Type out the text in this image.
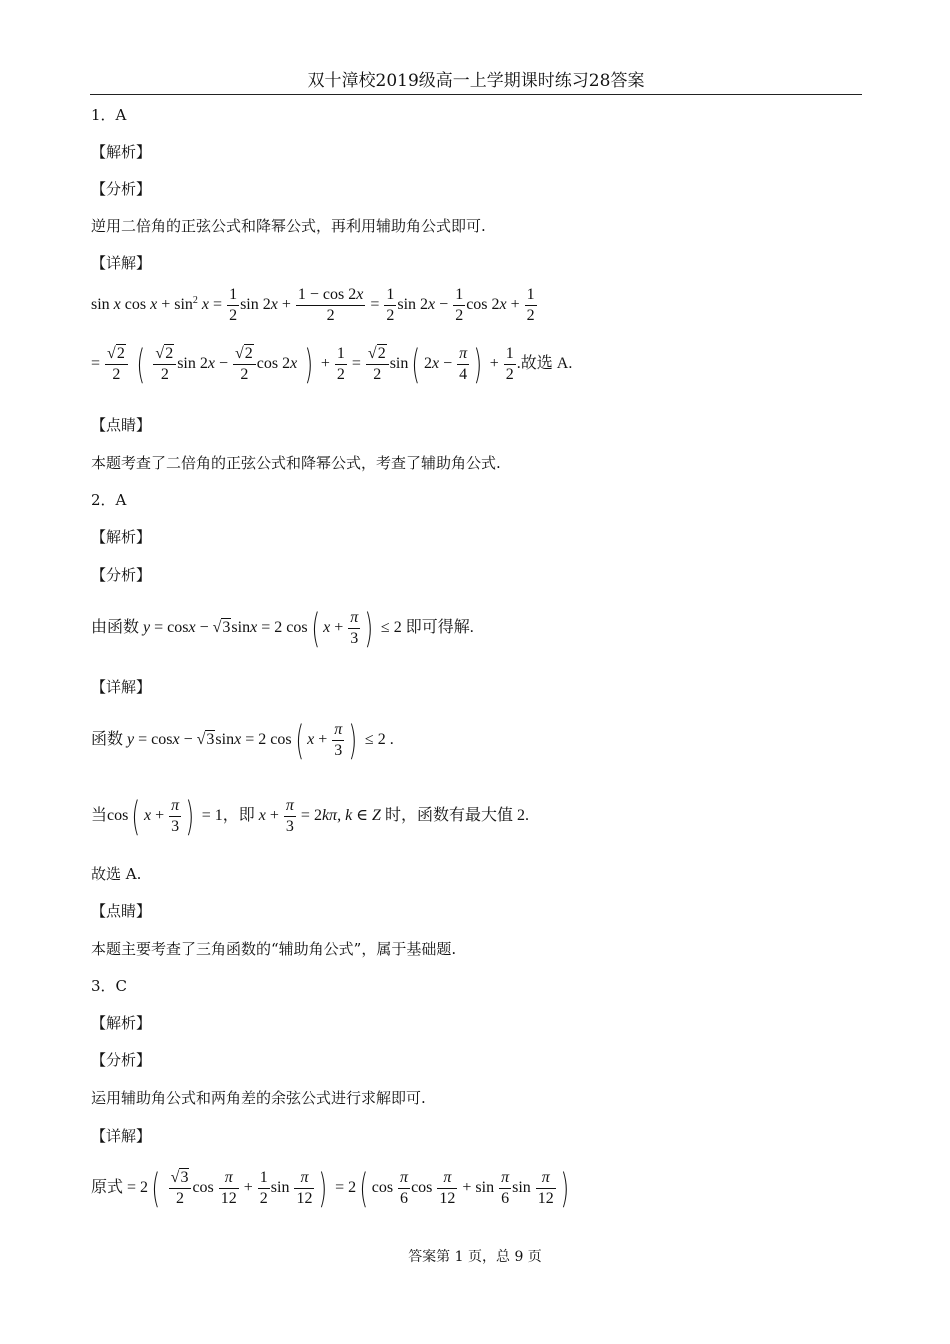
双十漳校2019级高一上学期课时练习28答案
1．A
【解析】
【分析】
逆用二倍角的正弦公式和降幂公式，再利用辅助角公式即可.
【详解】
sin x $\cos x + \sin^2 x = \frac{1}{2}$ $\sin 2x + \frac{1 - \cos 2x}{2} = \frac{1}{2}$ $\sin 2x - \frac{1}{2}$ $\cos 2x + \frac{1}{2}$
= $\frac{√2}{2}$ ( $\frac{√2}{2}$ $\sin 2x - \frac{√2}{2}$ cos 2x ) + $\frac{1}{2} = \frac{√2}{2} \sin$( $2x - \frac{\pi}{4}$ ) + $\frac{1}{2}$ .故选 A.
【点睛】
本题考查了二倍角的正弦公式和降幂公式，考查了辅助角公式.
2．A
【解析】
【分析】
由函数 y = cosx − √3sinx = 2 cos( $x + \frac{\pi}{3}$ ) ≤ 2 即可得解.
【详解】
函数 y = cosx − √3sinx = 2 cos( $x + \frac{\pi}{3}$ ) ≤ 2 .
当cos( $x + \frac{\pi}{3}$ ) = 1，即 $x + \frac{\pi}{3} = 2k\pi$, k ∈ Z 时，函数有最大值 2.
故选 A.
【点睛】
本题主要考查了三角函数的“辅助角公式”，属于基础题.
3．C
【解析】
【分析】
运用辅助角公式和两角差的余弦公式进行求解即可.
【详解】
原式 = $2( \frac{√3}{2}$ $\cos \frac{\pi}{12} + \frac{1}{2}$ $\sin \frac{\pi}{12}$ ) = 2( $\cos \frac{\pi}{6}$ $\cos \frac{\pi}{12} + \sin \frac{\pi}{6}$ $\sin \frac{\pi}{12}$ )
答案第 1 页，总 9 页
